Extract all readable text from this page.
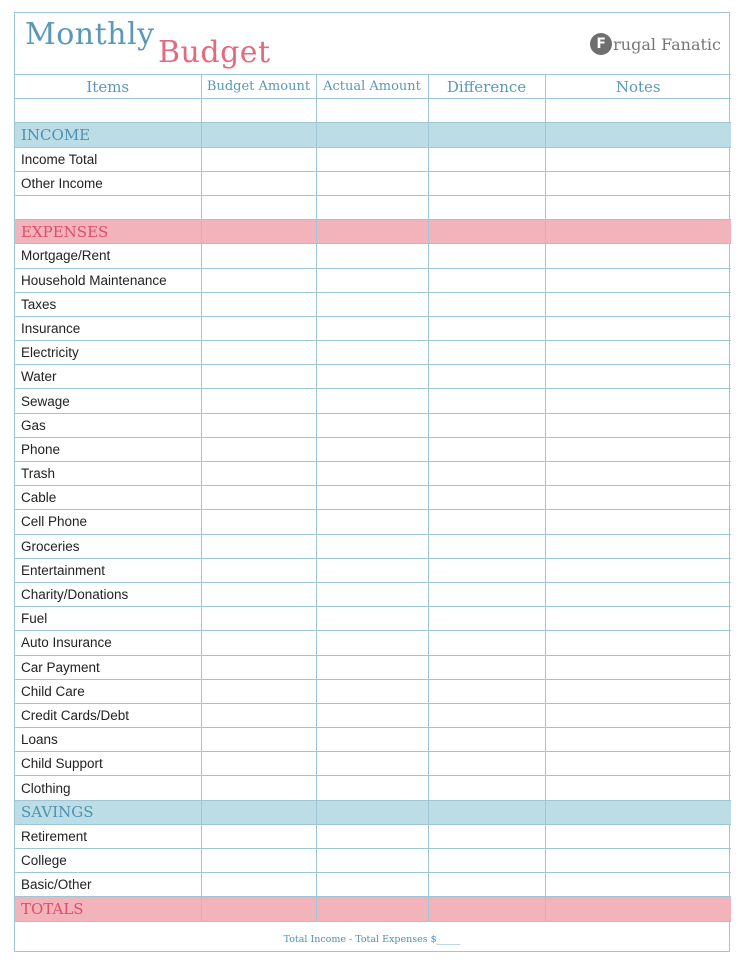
Monthly
Budget	F rugal Fanatic
Items	Budget Amount	Actual Amount	Difference	Notes

INCOME				
Income Total				
Other Income				

EXPENSES				
Mortgage/Rent				
Household Maintenance				
Taxes				
Insurance				
Electricity				
Water				
Sewage				
Gas				
Phone				
Trash				
Cable				
Cell Phone				
Groceries				
Entertainment				
Charity/Donations				
Fuel				
Auto Insurance				
Car Payment				
Child Care				
Credit Cards/Debt				
Loans				
Child Support				
Clothing				
SAVINGS				
Retirement				
College				
Basic/Other				
TOTALS				
Total Income - Total Expenses $_____
